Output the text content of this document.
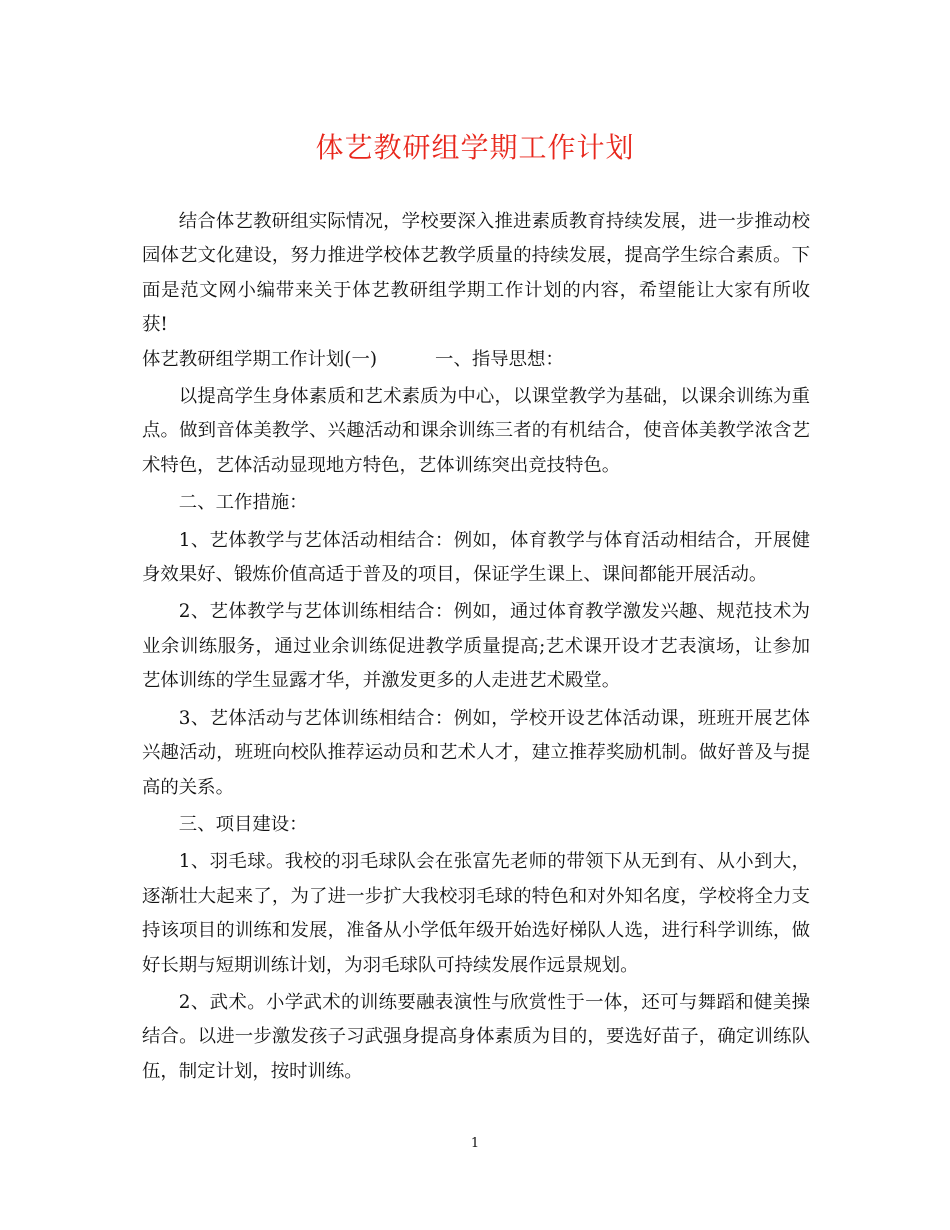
体艺教研组学期工作计划

结合体艺教研组实际情况，学校要深入推进素质教育持续发展，进一步推动校园体艺文化建设，努力推进学校体艺教学质量的持续发展，提高学生综合素质。下面是范文网小编带来关于体艺教研组学期工作计划的内容，希望能让大家有所收获!

体艺教研组学期工作计划(一)	一、指导思想：

以提高学生身体素质和艺术素质为中心，以课堂教学为基础，以课余训练为重点。做到音体美教学、兴趣活动和课余训练三者的有机结合，使音体美教学浓含艺术特色，艺体活动显现地方特色，艺体训练突出竞技特色。

二、工作措施：

1、艺体教学与艺体活动相结合：例如，体育教学与体育活动相结合，开展健身效果好、锻炼价值高适于普及的项目，保证学生课上、课间都能开展活动。

2、艺体教学与艺体训练相结合：例如，通过体育教学激发兴趣、规范技术为业余训练服务，通过业余训练促进教学质量提高;艺术课开设才艺表演场，让参加艺体训练的学生显露才华，并激发更多的人走进艺术殿堂。

3、艺体活动与艺体训练相结合：例如，学校开设艺体活动课，班班开展艺体兴趣活动，班班向校队推荐运动员和艺术人才，建立推荐奖励机制。做好普及与提高的关系。

三、项目建设：

1、羽毛球。我校的羽毛球队会在张富先老师的带领下从无到有、从小到大，逐渐壮大起来了，为了进一步扩大我校羽毛球的特色和对外知名度，学校将全力支持该项目的训练和发展，准备从小学低年级开始选好梯队人选，进行科学训练，做好长期与短期训练计划，为羽毛球队可持续发展作远景规划。

2、武术。小学武术的训练要融表演性与欣赏性于一体，还可与舞蹈和健美操结合。以进一步激发孩子习武强身提高身体素质为目的，要选好苗子，确定训练队伍，制定计划，按时训练。

1
